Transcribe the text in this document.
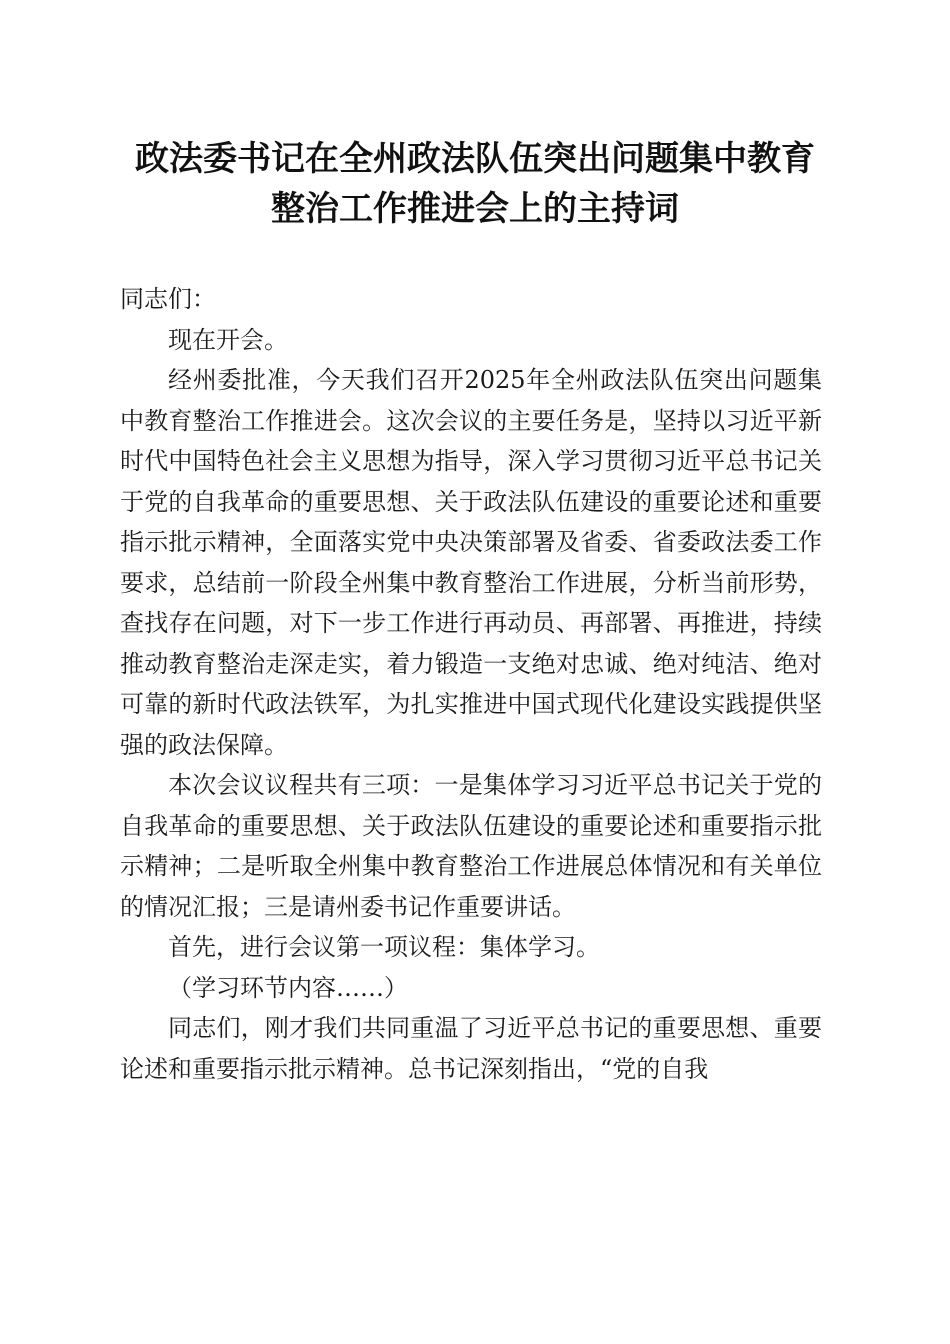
政法委书记在全州政法队伍突出问题集中教育
整治工作推进会上的主持词

同志们：

现在开会。

经州委批准，今天我们召开2025年全州政法队伍突出问题集中教育整治工作推进会。这次会议的主要任务是，坚持以习近平新时代中国特色社会主义思想为指导，深入学习贯彻习近平总书记关于党的自我革命的重要思想、关于政法队伍建设的重要论述和重要指示批示精神，全面落实党中央决策部署及省委、省委政法委工作要求，总结前一阶段全州集中教育整治工作进展，分析当前形势，查找存在问题，对下一步工作进行再动员、再部署、再推进，持续推动教育整治走深走实，着力锻造一支绝对忠诚、绝对纯洁、绝对可靠的新时代政法铁军，为扎实推进中国式现代化建设实践提供坚强的政法保障。

本次会议议程共有三项：一是集体学习习近平总书记关于党的自我革命的重要思想、关于政法队伍建设的重要论述和重要指示批示精神；二是听取全州集中教育整治工作进展总体情况和有关单位的情况汇报；三是请州委书记作重要讲话。

首先，进行会议第一项议程：集体学习。

（学习环节内容……）

同志们，刚才我们共同重温了习近平总书记的重要思想、重要论述和重要指示批示精神。总书记深刻指出，“党的自我
